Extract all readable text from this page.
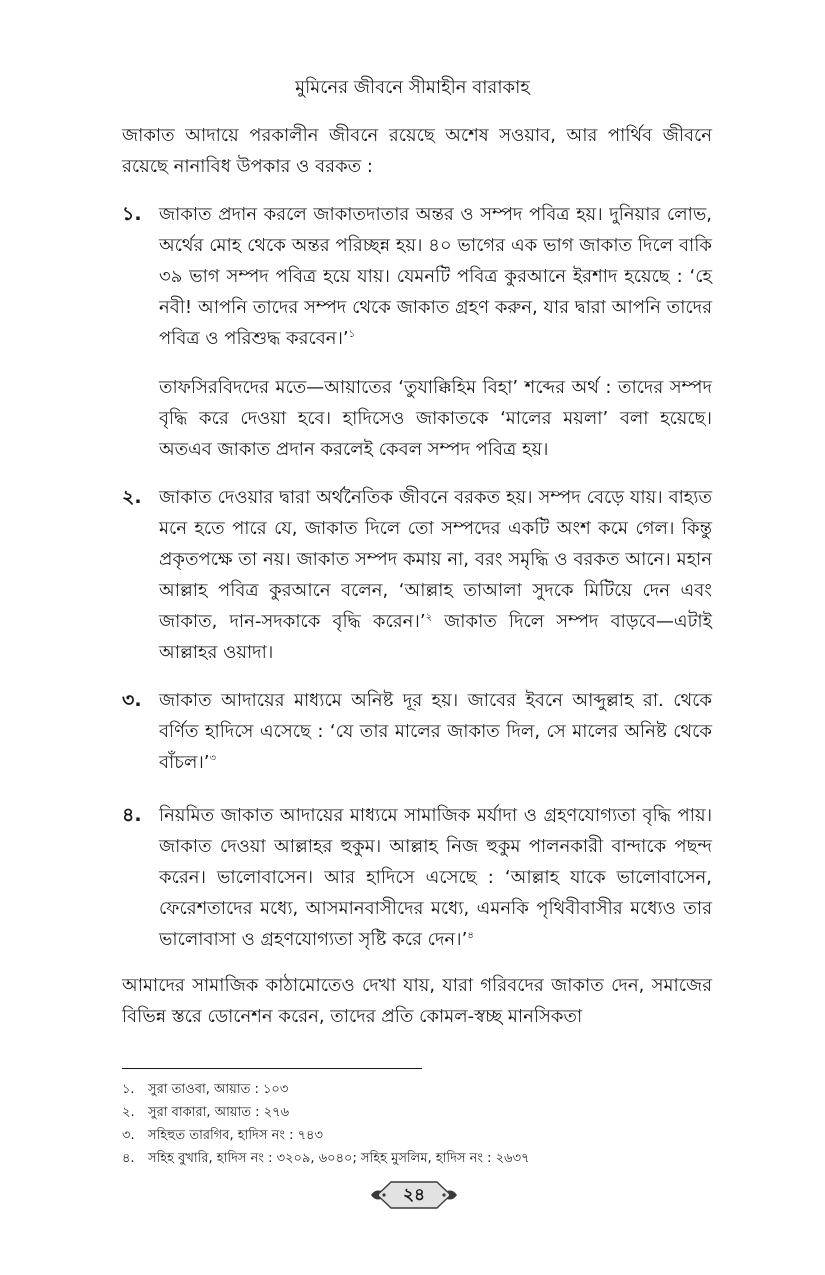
মুমিনের জীবনে সীমাহীন বারাকাহ

জাকাত আদায়ে পরকালীন জীবনে রয়েছে অশেষ সওয়াব, আর পার্থিব জীবনে রয়েছে নানাবিধ উপকার ও বরকত :

১. জাকাত প্রদান করলে জাকাতদাতার অন্তর ও সম্পদ পবিত্র হয়। দুনিয়ার লোভ, অর্থের মোহ থেকে অন্তর পরিচ্ছন্ন হয়। ৪০ ভাগের এক ভাগ জাকাত দিলে বাকি ৩৯ ভাগ সম্পদ পবিত্র হয়ে যায়। যেমনটি পবিত্র কুরআনে ইরশাদ হয়েছে : ‘হে নবী! আপনি তাদের সম্পদ থেকে জাকাত গ্রহণ করুন, যার দ্বারা আপনি তাদের পবিত্র ও পরিশুদ্ধ করবেন।’$^১$

তাফসিরবিদদের মতে—আয়াতের ‘তুযাক্কিহিম বিহা’ শব্দের অর্থ : তাদের সম্পদ বৃদ্ধি করে দেওয়া হবে। হাদিসেও জাকাতকে ‘মালের ময়লা’ বলা হয়েছে। অতএব জাকাত প্রদান করলেই কেবল সম্পদ পবিত্র হয়।

২. জাকাত দেওয়ার দ্বারা অর্থনৈতিক জীবনে বরকত হয়। সম্পদ বেড়ে যায়। বাহ্যত মনে হতে পারে যে, জাকাত দিলে তো সম্পদের একটি অংশ কমে গেল। কিন্তু প্রকৃতপক্ষে তা নয়। জাকাত সম্পদ কমায় না, বরং সমৃদ্ধি ও বরকত আনে। মহান আল্লাহ পবিত্র কুরআনে বলেন, ‘আল্লাহ তাআলা সুদকে মিটিয়ে দেন এবং জাকাত, দান-সদকাকে বৃদ্ধি করেন।’$^২$ জাকাত দিলে সম্পদ বাড়বে—এটাই আল্লাহর ওয়াদা।
৩. জাকাত আদায়ের মাধ্যমে অনিষ্ট দূর হয়। জাবের ইবনে আব্দুল্লাহ রা. থেকে বর্ণিত হাদিসে এসেছে : ‘যে তার মালের জাকাত দিল, সে মালের অনিষ্ট থেকে বাঁচল।’$^৩$
৪. নিয়মিত জাকাত আদায়ের মাধ্যমে সামাজিক মর্যাদা ও গ্রহণযোগ্যতা বৃদ্ধি পায়। জাকাত দেওয়া আল্লাহর হুকুম। আল্লাহ নিজ হুকুম পালনকারী বান্দাকে পছন্দ করেন। ভালোবাসেন। আর হাদিসে এসেছে : ‘আল্লাহ যাকে ভালোবাসেন, ফেরেশতাদের মধ্যে, আসমানবাসীদের মধ্যে, এমনকি পৃথিবীবাসীর মধ্যেও তার ভালোবাসা ও গ্রহণযোগ্যতা সৃষ্টি করে দেন।’$^৪$

আমাদের সামাজিক কাঠামোতেও দেখা যায়, যারা গরিবদের জাকাত দেন, সমাজের বিভিন্ন স্তরে ডোনেশন করেন, তাদের প্রতি কোমল-স্বচ্ছ মানসিকতা

১.	সুরা তাওবা, আয়াত : ১০৩
২.	সুরা বাকারা, আয়াত : ২৭৬
৩.	সহিহুত তারগিব, হাদিস নং : ৭৪৩
৪.	সহিহ বুখারি, হাদিস নং : ৩২০৯, ৬০৪০; সহিহ মুসলিম, হাদিস নং : ২৬৩৭
২৪
